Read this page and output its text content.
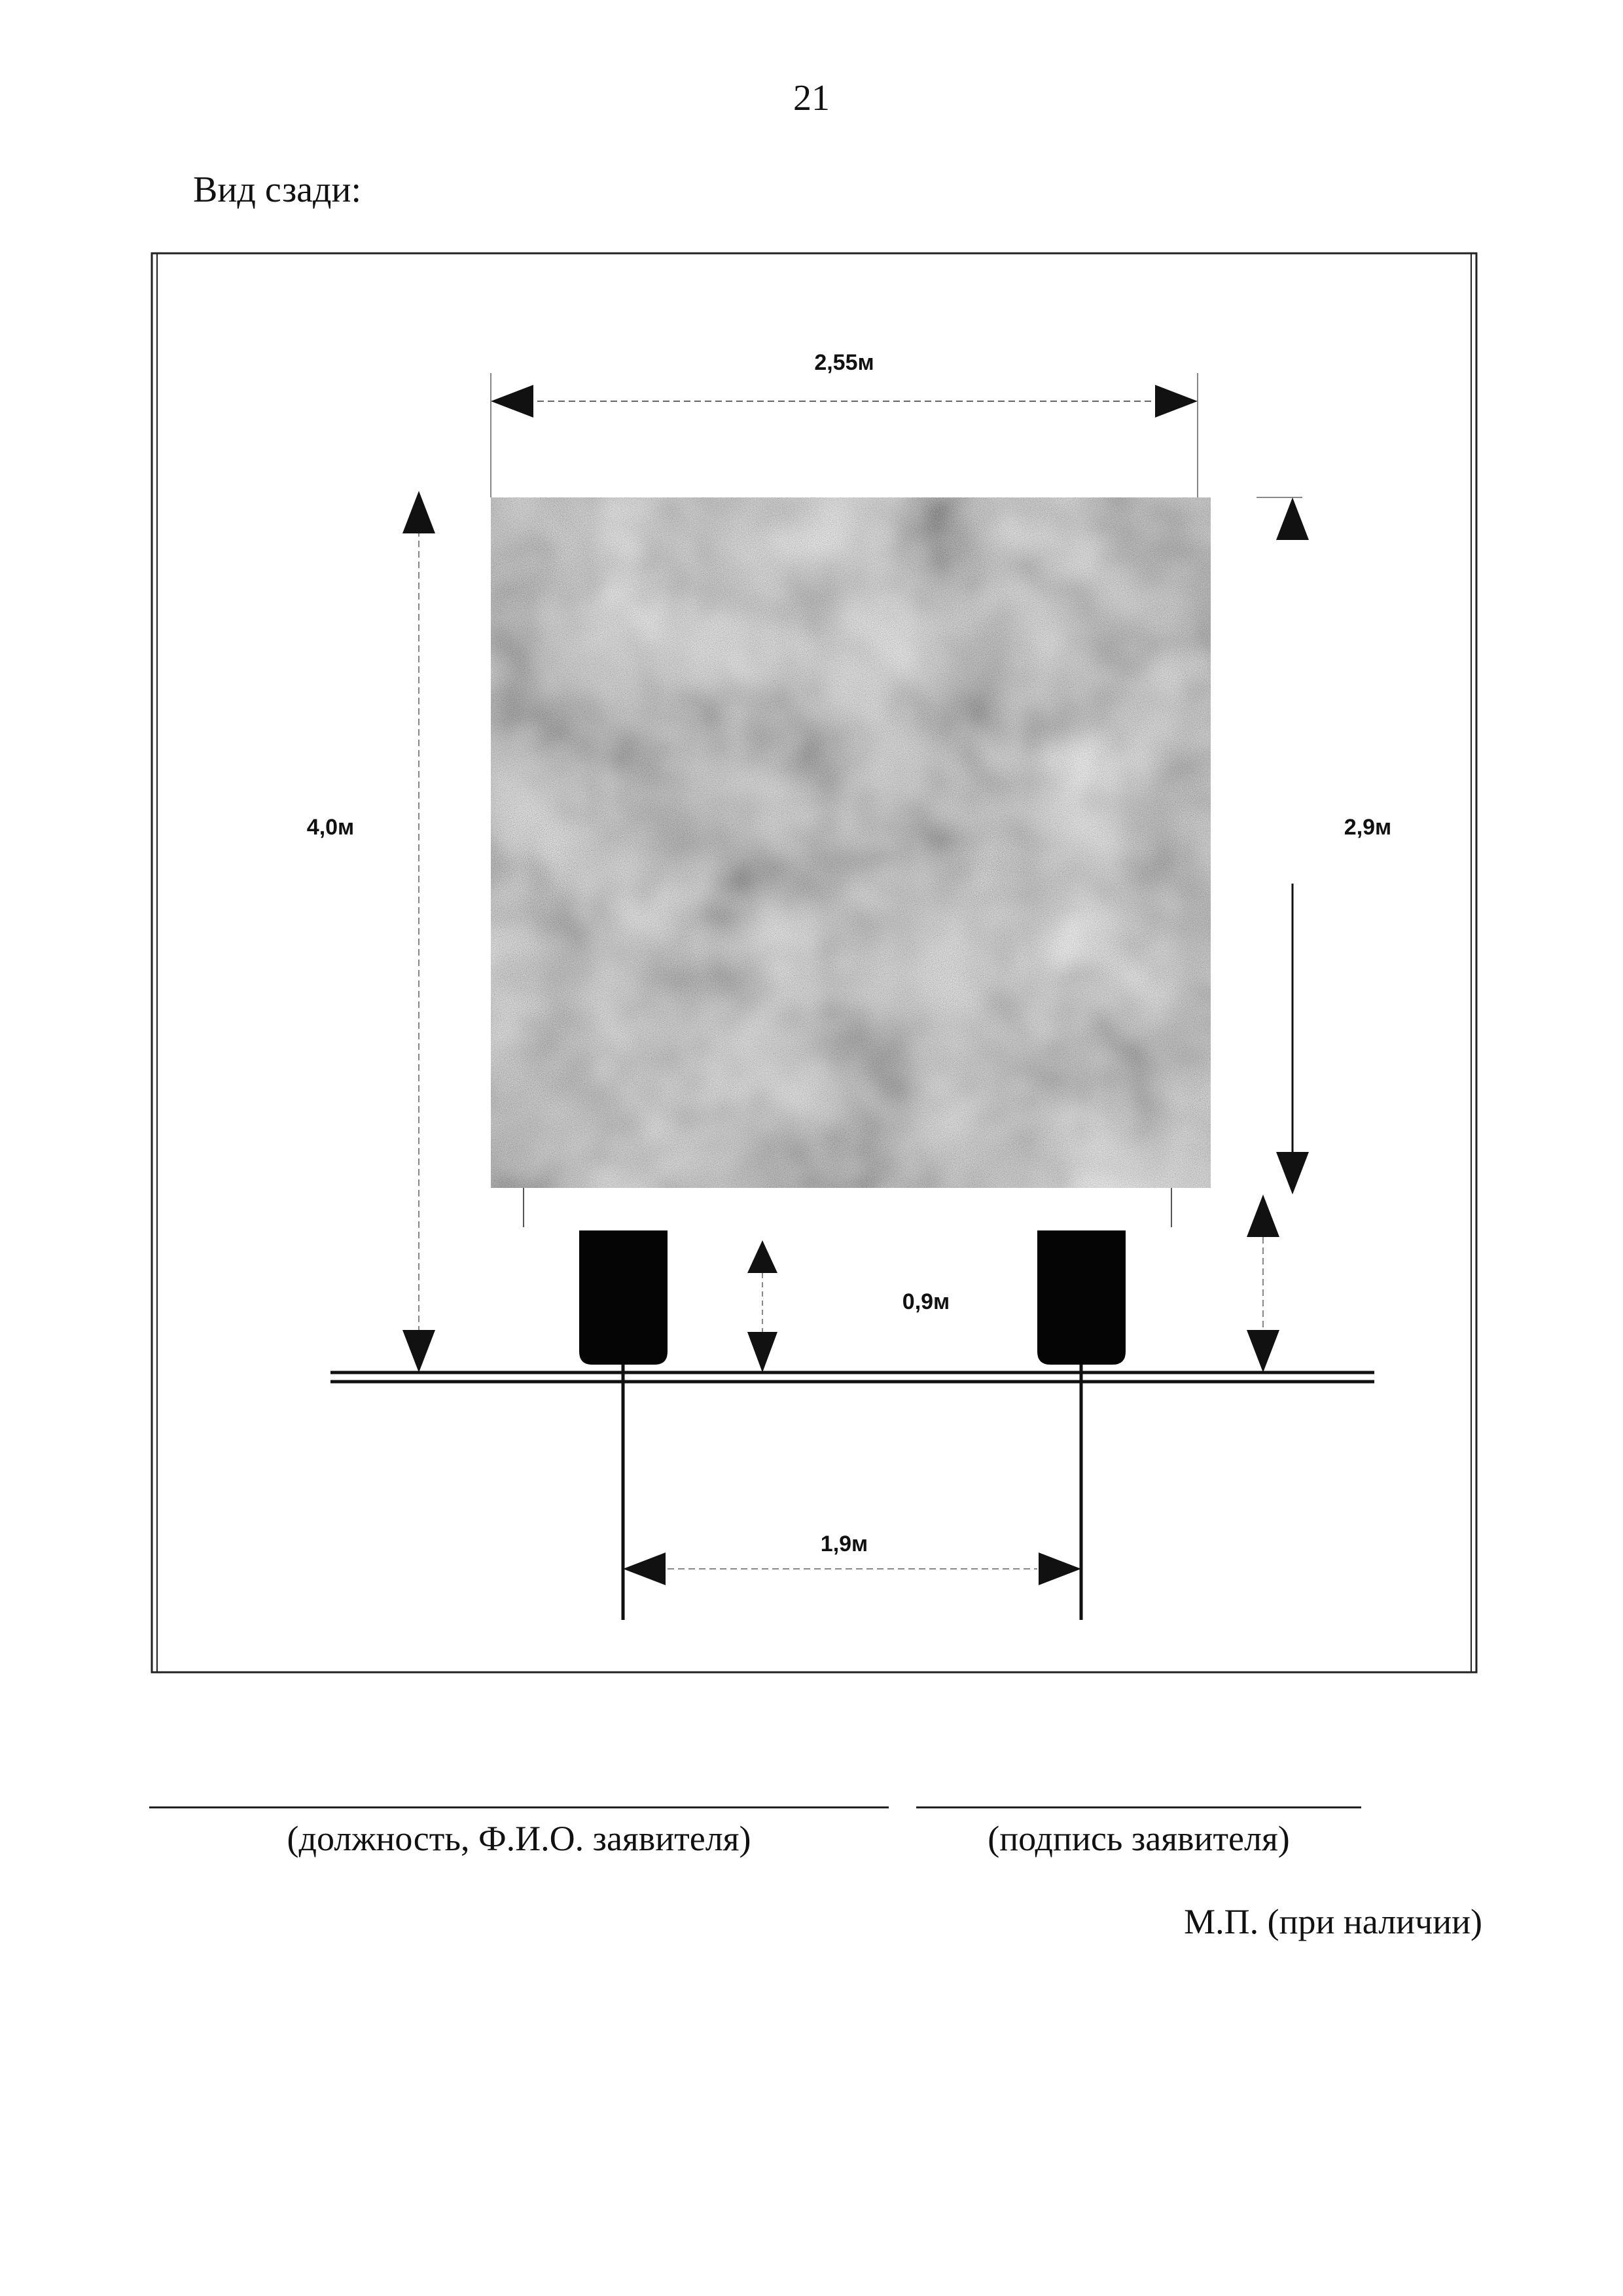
21
Вид сзади:
2,55м
4,0м	2,9м
0,9м
1,9м
(должность, Ф.И.О. заявителя)	(подпись заявителя)
М.П. (при наличии)
